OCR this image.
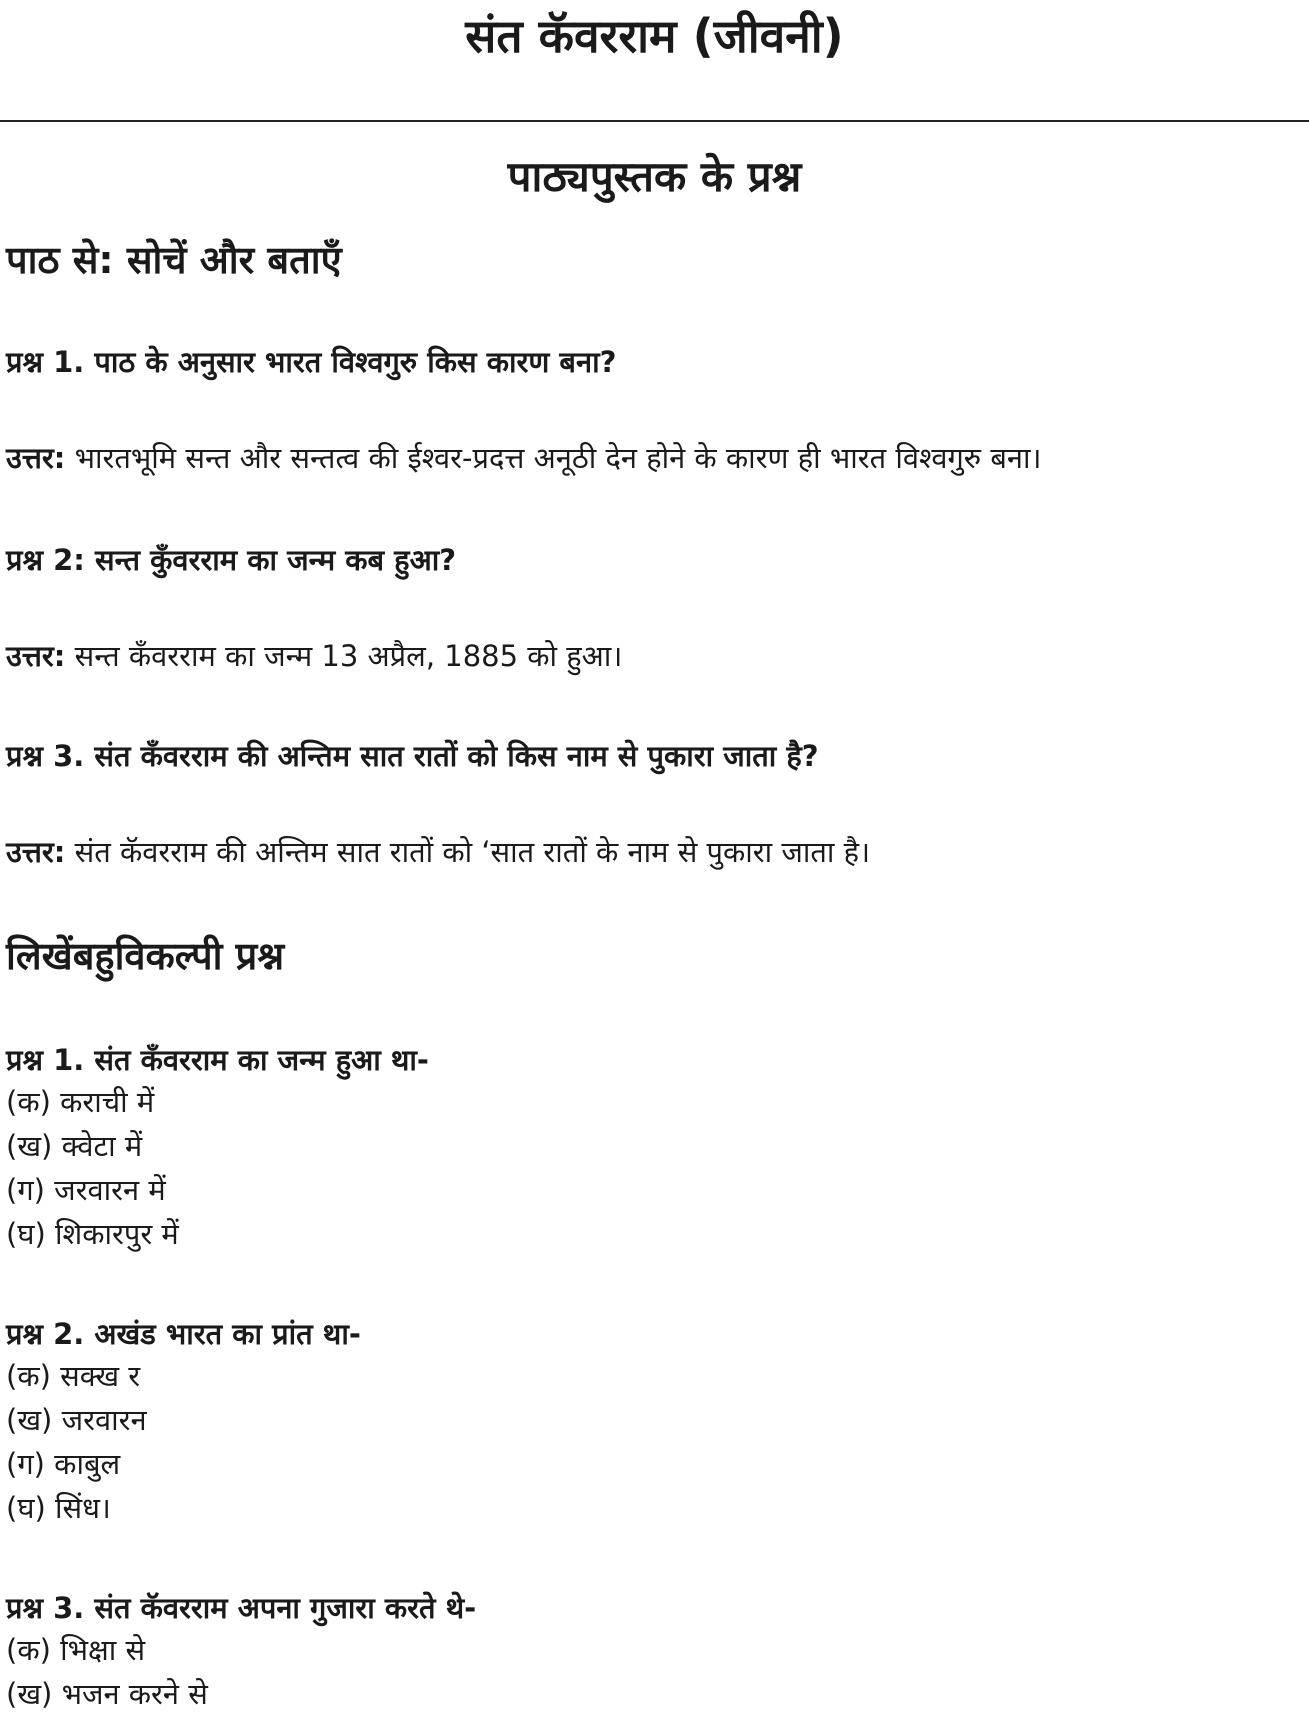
संत कॅवरराम (जीवनी)
पाठ्यपुस्तक के प्रश्न
पाठ से: सोचें और बताएँ

प्रश्न 1. पाठ के अनुसार भारत विश्वगुरु किस कारण बना?

उत्तर: भारतभूमि सन्त और सन्तत्व की ईश्वर-प्रदत्त अनूठी देन होने के कारण ही भारत विश्वगुरु बना।

प्रश्न 2: सन्त कुँवरराम का जन्म कब हुआ?

उत्तर: सन्त कँवरराम का जन्म 13 अप्रैल, 1885 को हुआ।

प्रश्न 3. संत कँवरराम की अन्तिम सात रातों को किस नाम से पुकारा जाता है?

उत्तर: संत कॅवरराम की अन्तिम सात रातों को ‘सात रातों के नाम से पुकारा जाता है।

लिखेंबहुविकल्पी प्रश्न

प्रश्न 1. संत कँवरराम का जन्म हुआ था-

(क) कराची में

(ख) क्वेटा में

(ग) जरवारन में

(घ) शिकारपुर में

प्रश्न 2. अखंड भारत का प्रांत था-

(क) सक्ख र

(ख) जरवारन

(ग) काबुल

(घ) सिंध।

प्रश्न 3. संत कॅवरराम अपना गुजारा करते थे-

(क) भिक्षा से

(ख) भजन करने से
